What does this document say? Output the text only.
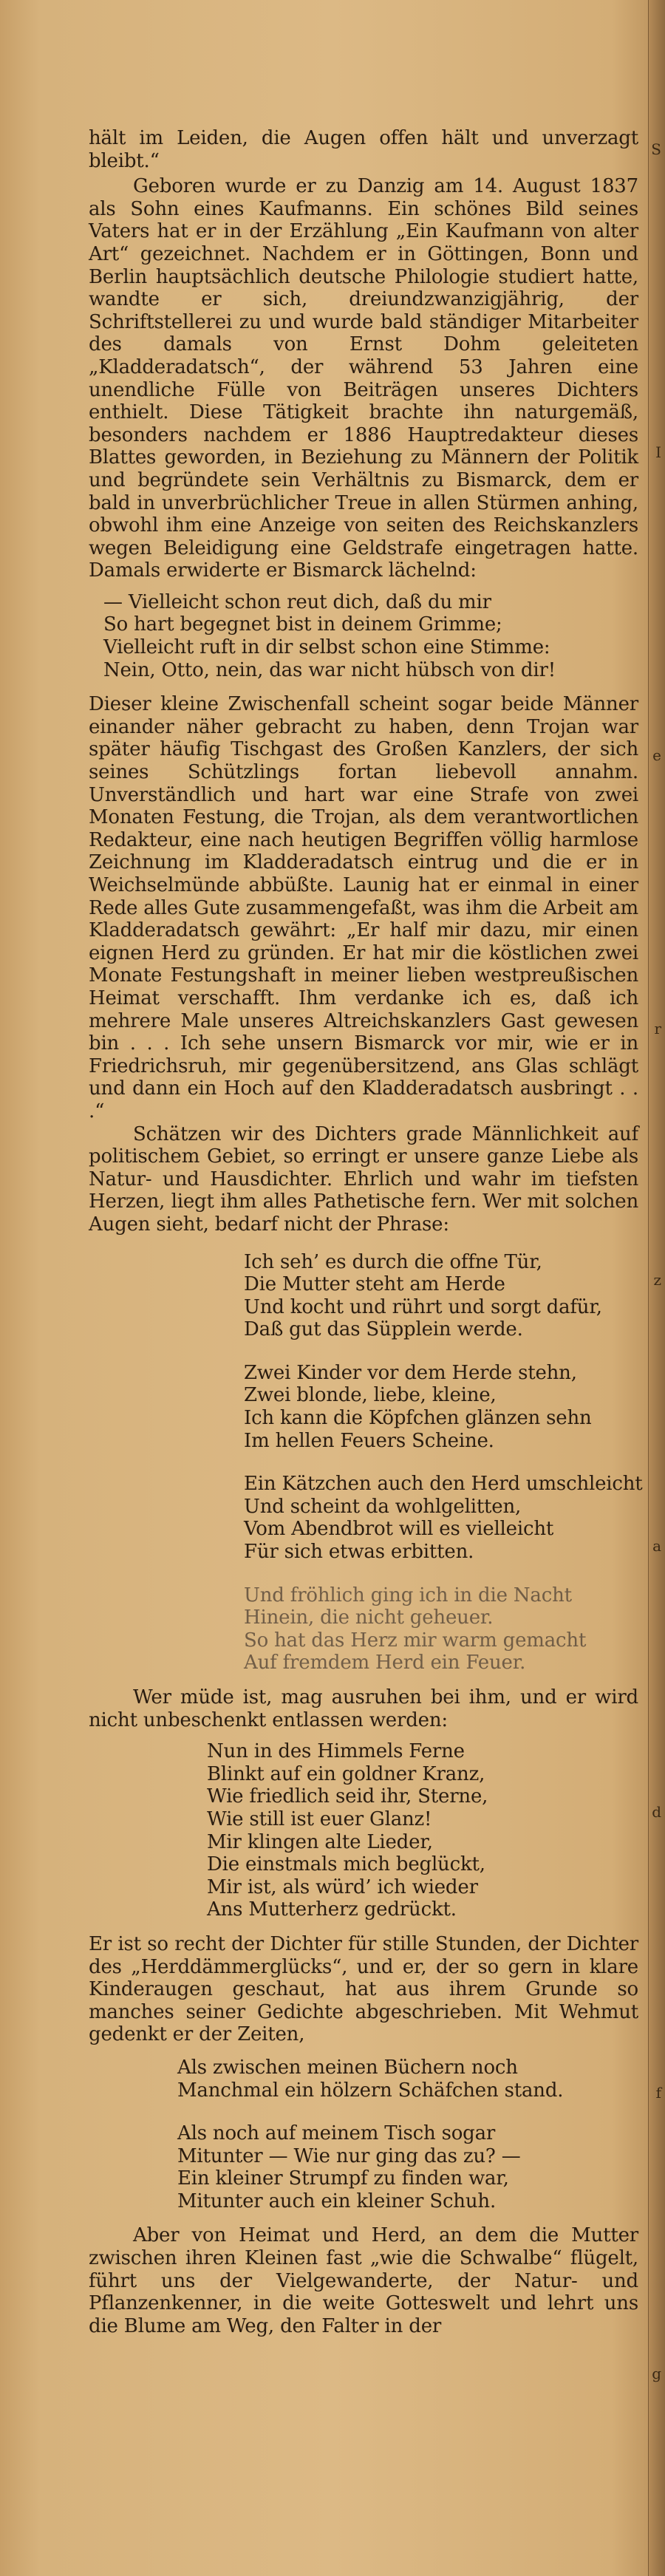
S
I
e
r
z
a
d
f
g

hält im Leiden, die Augen offen hält und unverzagt bleibt.“

Geboren wurde er zu Danzig am 14. August 1837 als Sohn eines Kaufmanns. Ein schönes Bild seines Vaters hat er in der Erzählung „Ein Kaufmann von alter Art“ gezeichnet. Nachdem er in Göttingen, Bonn und Berlin hauptsächlich deutsche Philologie studiert hatte, wandte er sich, dreiundzwanzigjährig, der Schriftstellerei zu und wurde bald ständiger Mitarbeiter des damals von Ernst Dohm geleiteten „Kladderadatsch“, der während 53 Jahren eine unendliche Fülle von Beiträgen unseres Dichters enthielt. Diese Tätigkeit brachte ihn naturgemäß, besonders nachdem er 1886 Hauptredakteur dieses Blattes geworden, in Beziehung zu Männern der Politik und begründete sein Verhältnis zu Bismarck, dem er bald in unverbrüchlicher Treue in allen Stürmen anhing, obwohl ihm eine Anzeige von seiten des Reichskanzlers wegen Beleidigung eine Geldstrafe eingetragen hatte. Damals erwiderte er Bismarck lächelnd:

— Vielleicht schon reut dich, daß du mir
So hart begegnet bist in deinem Grimme;
Vielleicht ruft in dir selbst schon eine Stimme:
Nein, Otto, nein, das war nicht hübsch von dir!

Dieser kleine Zwischenfall scheint sogar beide Männer einander näher gebracht zu haben, denn Trojan war später häufig Tischgast des Großen Kanzlers, der sich seines Schützlings fortan liebevoll annahm. Unverständlich und hart war eine Strafe von zwei Monaten Festung, die Trojan, als dem verantwortlichen Redakteur, eine nach heutigen Begriffen völlig harmlose Zeichnung im Kladderadatsch eintrug und die er in Weichselmünde abbüßte. Launig hat er einmal in einer Rede alles Gute zusammengefaßt, was ihm die Arbeit am Kladderadatsch gewährt: „Er half mir dazu, mir einen eignen Herd zu gründen. Er hat mir die köstlichen zwei Monate Festungshaft in meiner lieben westpreußischen Heimat verschafft. Ihm verdanke ich es, daß ich mehrere Male unseres Altreichskanzlers Gast gewesen bin . . . Ich sehe unsern Bismarck vor mir, wie er in Friedrichsruh, mir gegenübersitzend, ans Glas schlägt und dann ein Hoch auf den Kladderadatsch ausbringt . . .“

Schätzen wir des Dichters grade Männlichkeit auf politischem Gebiet, so erringt er unsere ganze Liebe als Natur- und Hausdichter. Ehrlich und wahr im tiefsten Herzen, liegt ihm alles Pathetische fern. Wer mit solchen Augen sieht, bedarf nicht der Phrase:

Ich seh’ es durch die offne Tür,
Die Mutter steht am Herde
Und kocht und rührt und sorgt dafür,
Daß gut das Süpplein werde.
Zwei Kinder vor dem Herde stehn,
Zwei blonde, liebe, kleine,
Ich kann die Köpfchen glänzen sehn
Im hellen Feuers Scheine.
Ein Kätzchen auch den Herd umschleicht
Und scheint da wohlgelitten,
Vom Abendbrot will es vielleicht
Für sich etwas erbitten.
Und fröhlich ging ich in die Nacht
Hinein, die nicht geheuer.
So hat das Herz mir warm gemacht
Auf fremdem Herd ein Feuer.

Wer müde ist, mag ausruhen bei ihm, und er wird nicht unbeschenkt entlassen werden:

Nun in des Himmels Ferne
Blinkt auf ein goldner Kranz,
Wie friedlich seid ihr, Sterne,
Wie still ist euer Glanz!
Mir klingen alte Lieder,
Die einstmals mich beglückt,
Mir ist, als würd’ ich wieder
Ans Mutterherz gedrückt.

Er ist so recht der Dichter für stille Stunden, der Dichter des „Herddämmerglücks“, und er, der so gern in klare Kinderaugen geschaut, hat aus ihrem Grunde so manches seiner Gedichte abgeschrieben. Mit Wehmut gedenkt er der Zeiten,

Als zwischen meinen Büchern noch
Manchmal ein hölzern Schäfchen stand.
Als noch auf meinem Tisch sogar
Mitunter — Wie nur ging das zu? —
Ein kleiner Strumpf zu finden war,
Mitunter auch ein kleiner Schuh.

Aber von Heimat und Herd, an dem die Mutter zwischen ihren Kleinen fast „wie die Schwalbe“ flügelt, führt uns der Vielgewanderte, der Natur- und Pflanzenkenner, in die weite Gotteswelt und lehrt uns die Blume am Weg, den Falter in der
